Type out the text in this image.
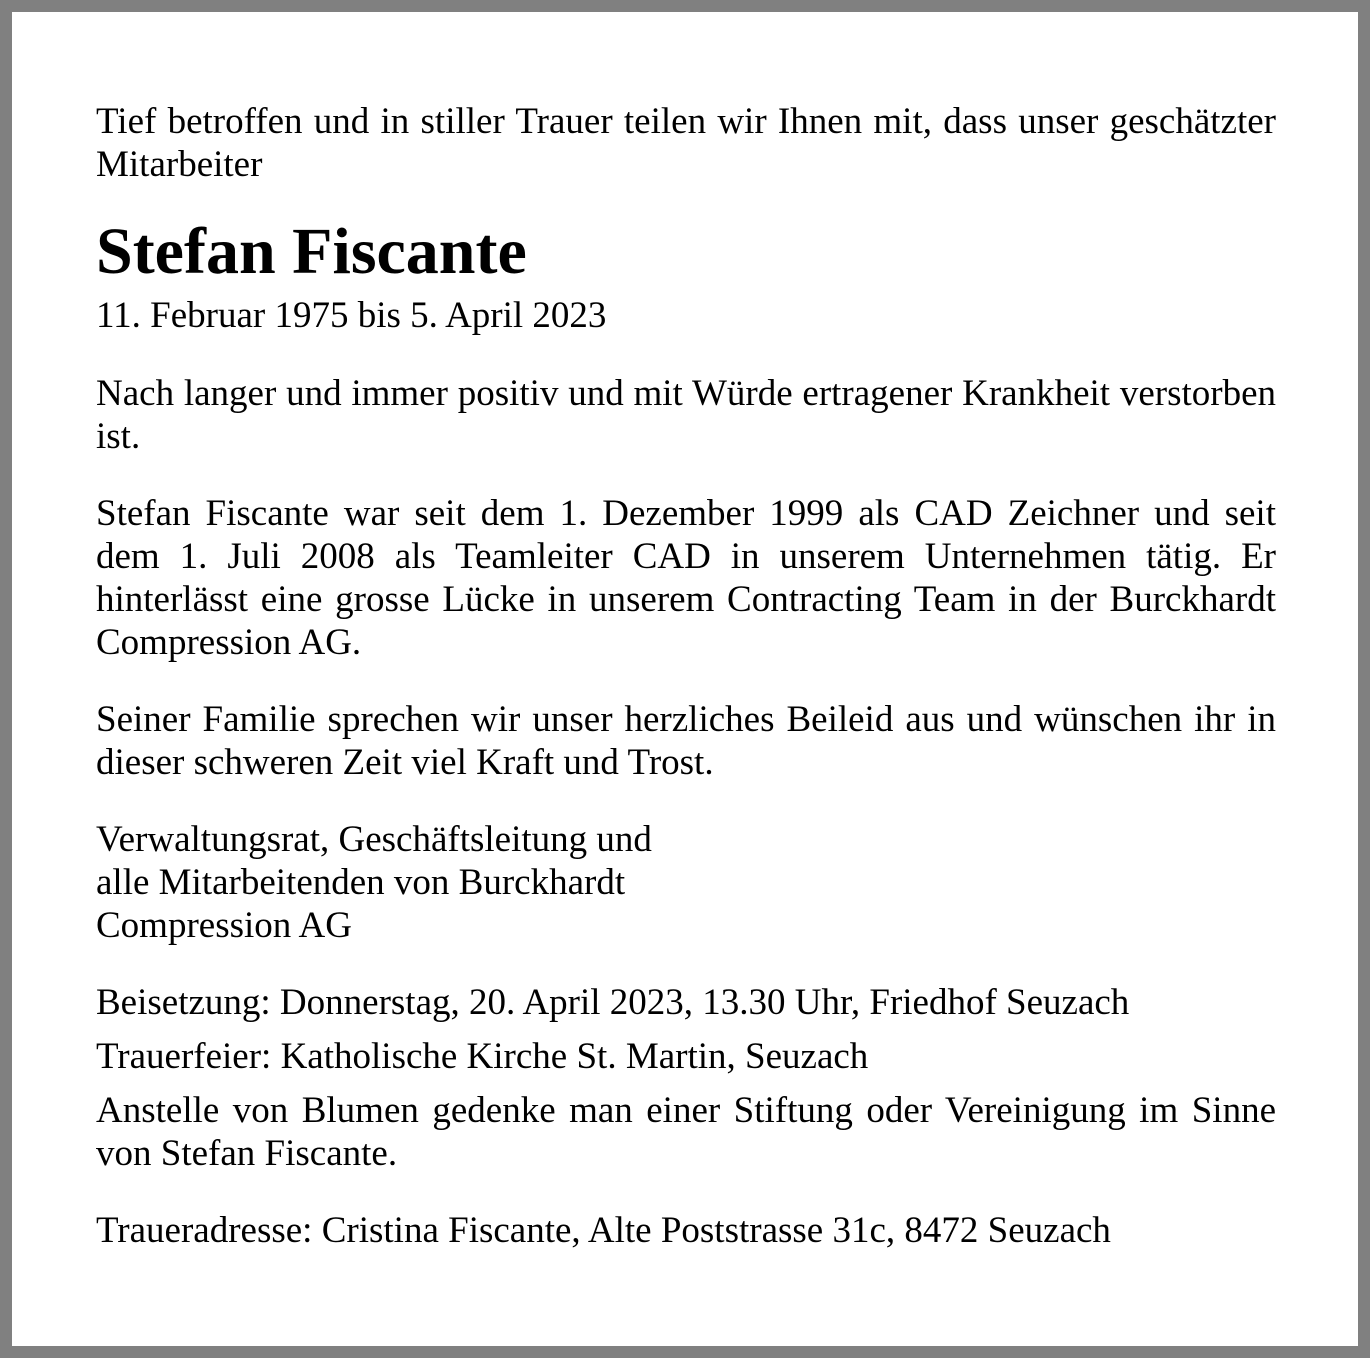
Tief betroffen und in stiller Trauer teilen wir Ihnen mit, dass unser geschätzter Mitarbeiter

Stefan Fiscante

11. Februar 1975 bis 5. April 2023

Nach langer und immer positiv und mit Würde ertragener Krankheit verstorben ist.

Stefan Fiscante war seit dem 1. Dezember 1999 als CAD Zeichner und seit dem 1. Juli 2008 als Teamleiter CAD in unserem Unternehmen tätig. Er hinterlässt eine grosse Lücke in unserem Contracting Team in der Burckhardt Compression AG.

Seiner Familie sprechen wir unser herzliches Beileid aus und wünschen ihr in dieser schweren Zeit viel Kraft und Trost.

Verwaltungsrat, Geschäftsleitung und

alle Mitarbeitenden von Burckhardt

Compression AG

Beisetzung: Donnerstag, 20. April 2023, 13.30 Uhr, Friedhof Seuzach

Trauerfeier: Katholische Kirche St. Martin, Seuzach

Anstelle von Blumen gedenke man einer Stiftung oder Vereinigung im Sinne von Stefan Fiscante.

Traueradresse: Cristina Fiscante, Alte Poststrasse 31c, 8472 Seuzach
